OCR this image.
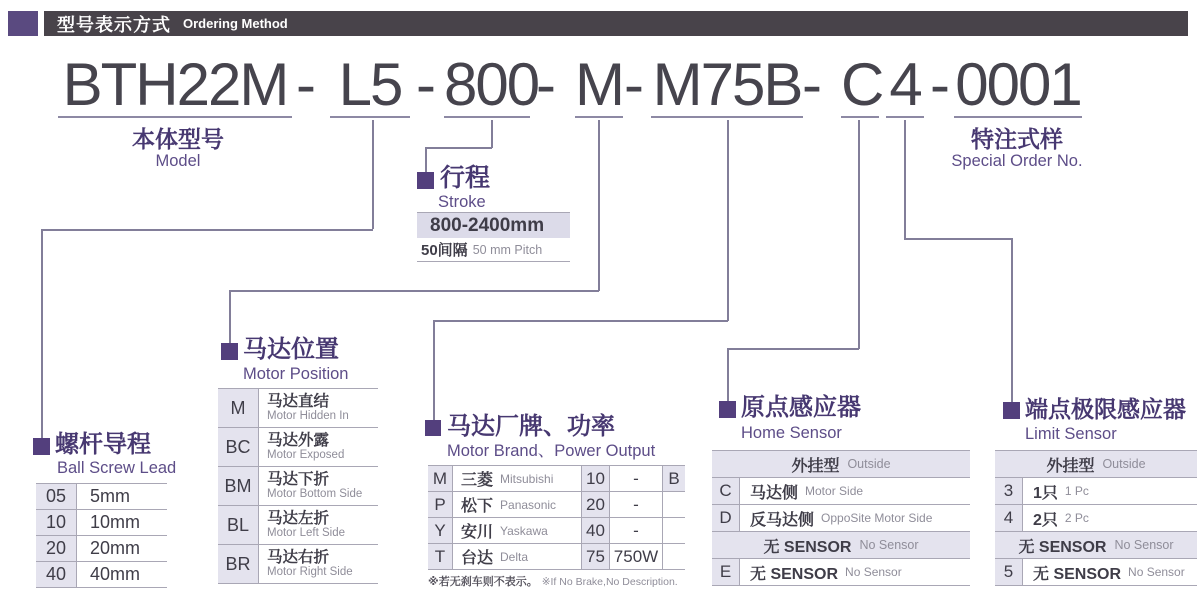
型号表示方式 Ordering Method
BTH22M - L5 - 800
- M - M75B - C 4 - 0001
本体型号
Model
特注式样
Special Order No.
行程
Stroke
800-2400mm
50间隔 50 mm Pitch
螺杆导程
Ball Screw Lead
05	5mm
10	10mm
20	20mm
40	40mm
马达位置
Motor Position
M	马达直结
Motor Hidden In
BC	马达外露
Motor Exposed
BM	马达下折
Motor Bottom Side
BL	马达左折
Motor Left Side
BR	马达右折
Motor Right Side
马达厂牌、功率
Motor Brand、Power Output
M 三菱 Mitsubishi 10	-	B
P 松下 Panasonic 20	-
Y 安川 Yaskawa 40	-
T 台达 Delta	75 750W
※若无刹车则不表示。 ※If No Brake,No Description.
原点感应器
Home Sensor
外挂型 Outside
C	马达侧 Motor Side
D	反马达侧 OppoSite Motor Side
无 SENSOR No Sensor
E	无 SENSOR No Sensor
端点极限感应器
Limit Sensor
外挂型 Outside
3	1只 1 Pc
4	2只 2 Pc
无 SENSOR No Sensor
5	无 SENSOR No Sensor
